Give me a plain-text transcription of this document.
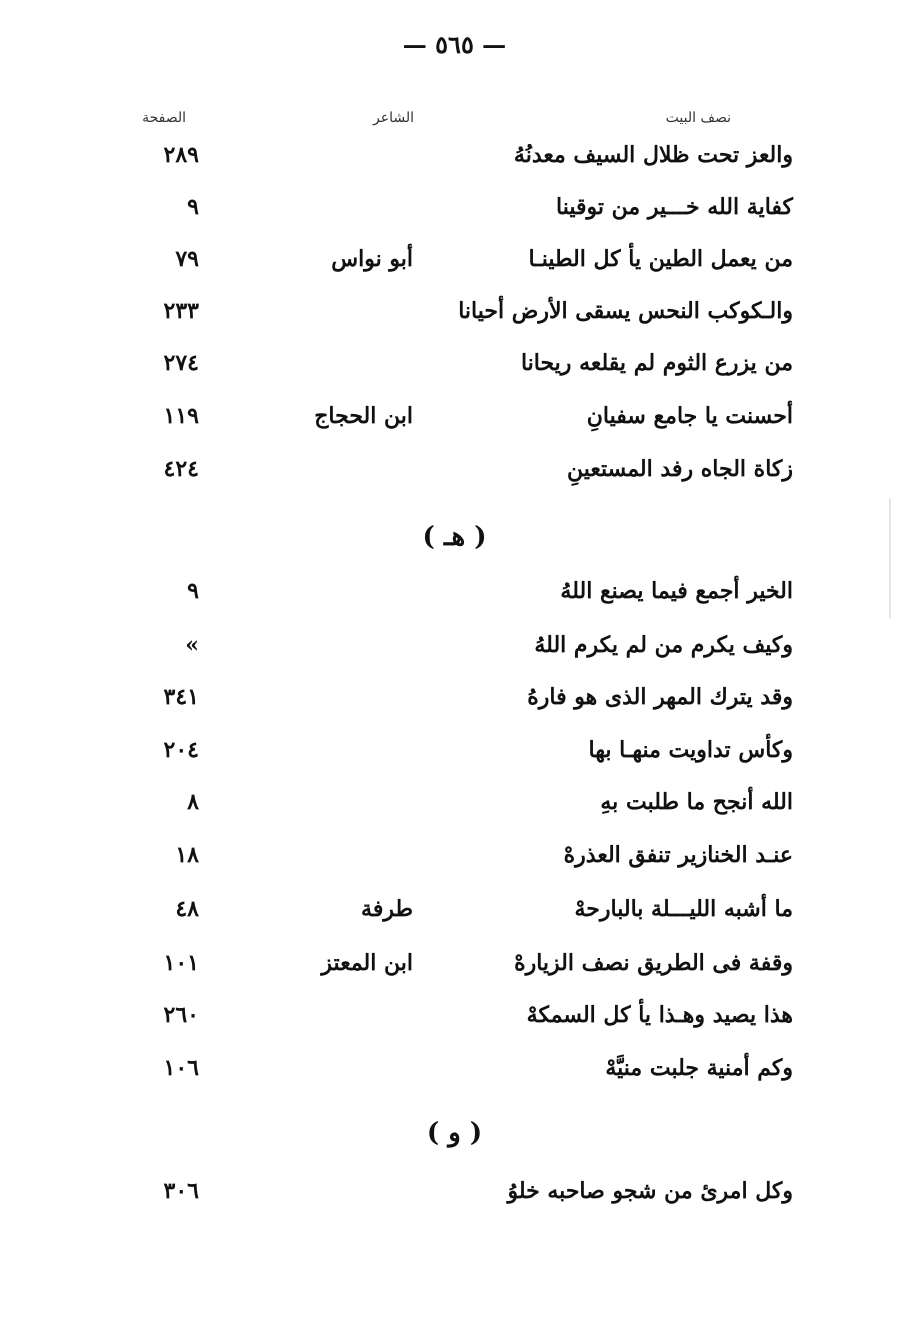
— ٥٦٥ —
نصف البيت
الشاعر
الصفحة
والعز تحت ظلال السيف معدنُهُ
٢٨٩
كفاية الله خـــير من توقينا
٩
من يعمل الطين يأ كل الطينـا
أبو نواس
٧٩
والـكوكب النحس يسقى الأرض أحيانا
٢٣٣
من يزرع الثوم لم يقلعه ريحانا
٢٧٤
أحسنت يا جامع سفيانِ
ابن الحجاج
١١٩
زكاة الجاه رفد المستعينِ
٤٢٤
( هـ )
الخير أجمع فيما يصنع اللهُ
٩
وكيف يكرم من لم يكرم اللهُ
»
وقد يترك المهر الذى هو فارهُ
٣٤١
وكأس تداويت منهـا بها
٢٠٤
الله أنجح ما طلبت بهِ
٨
عنـد الخنازير تنفق العذرهْ
١٨
ما أشبه الليـــلة بالبارحهْ
طرفة
٤٨
وقفة فى الطريق نصف الزيارهْ
ابن المعتز
١٠١
هذا يصيد وهـذا يأ كل السمكهْ
٢٦٠
وكم أمنية جلبت منيَّهْ
١٠٦
( و )
وكل امرئ من شجو صاحبه خلوُ
٣٠٦
